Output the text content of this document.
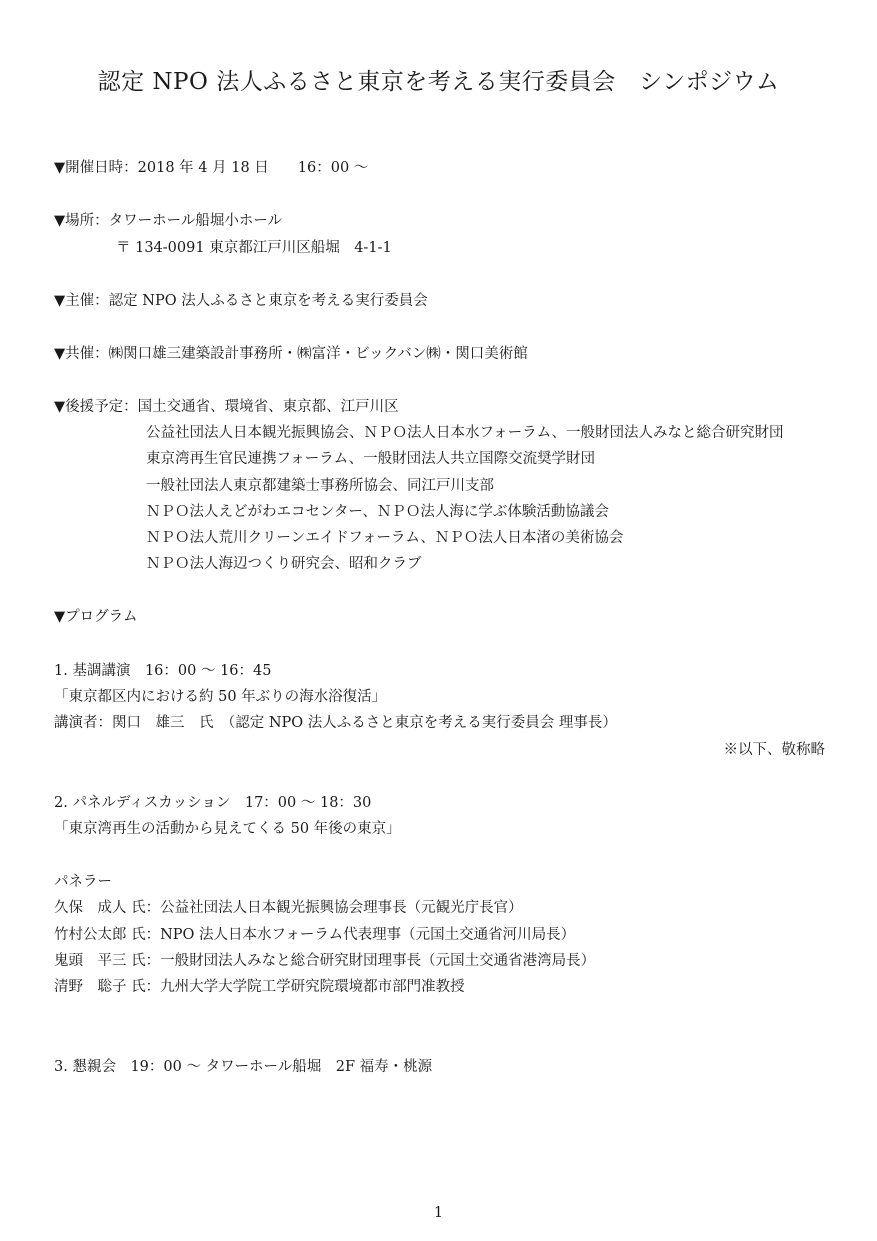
認定 NPO 法人ふるさと東京を考える実行委員会　シンポジウム
▼開催日時：2018 年 4 月 18 日　　16：00 〜
▼場所：タワーホール船堀小ホール
〒 134-0091 東京都江戸川区船堀　4-1-1
▼主催：認定 NPO 法人ふるさと東京を考える実行委員会
▼共催：㈱関口雄三建築設計事務所・㈱富洋・ビックバン㈱・関口美術館
▼後援予定：国土交通省、環境省、東京都、江戸川区
公益社団法人日本観光振興協会、ＮＰＯ法人日本水フォーラム、一般財団法人みなと総合研究財団
東京湾再生官民連携フォーラム、一般財団法人共立国際交流奨学財団
一般社団法人東京都建築士事務所協会、同江戸川支部
ＮＰＯ法人えどがわエコセンター、ＮＰＯ法人海に学ぶ体験活動協議会
ＮＰＯ法人荒川クリーンエイドフォーラム、ＮＰＯ法人日本渚の美術協会
ＮＰＯ法人海辺つくり研究会、昭和クラブ
▼プログラム
1. 基調講演　16：00 〜 16：45
「東京都区内における約 50 年ぶりの海水浴復活」
講演者：関口　雄三　氏　（認定 NPO 法人ふるさと東京を考える実行委員会 理事長）
※以下、敬称略
2. パネルディスカッション　17：00 〜 18：30
「東京湾再生の活動から見えてくる 50 年後の東京」
パネラー
久保　成人 氏：公益社団法人日本観光振興協会理事長（元観光庁長官）
竹村公太郎 氏：NPO 法人日本水フォーラム代表理事（元国土交通省河川局長）
鬼頭　平三 氏：一般財団法人みなと総合研究財団理事長（元国土交通省港湾局長）
清野　聡子 氏：九州大学大学院工学研究院環境都市部門准教授
3. 懇親会　19：00 〜 タワーホール船堀　2F 福寿・桃源
1
